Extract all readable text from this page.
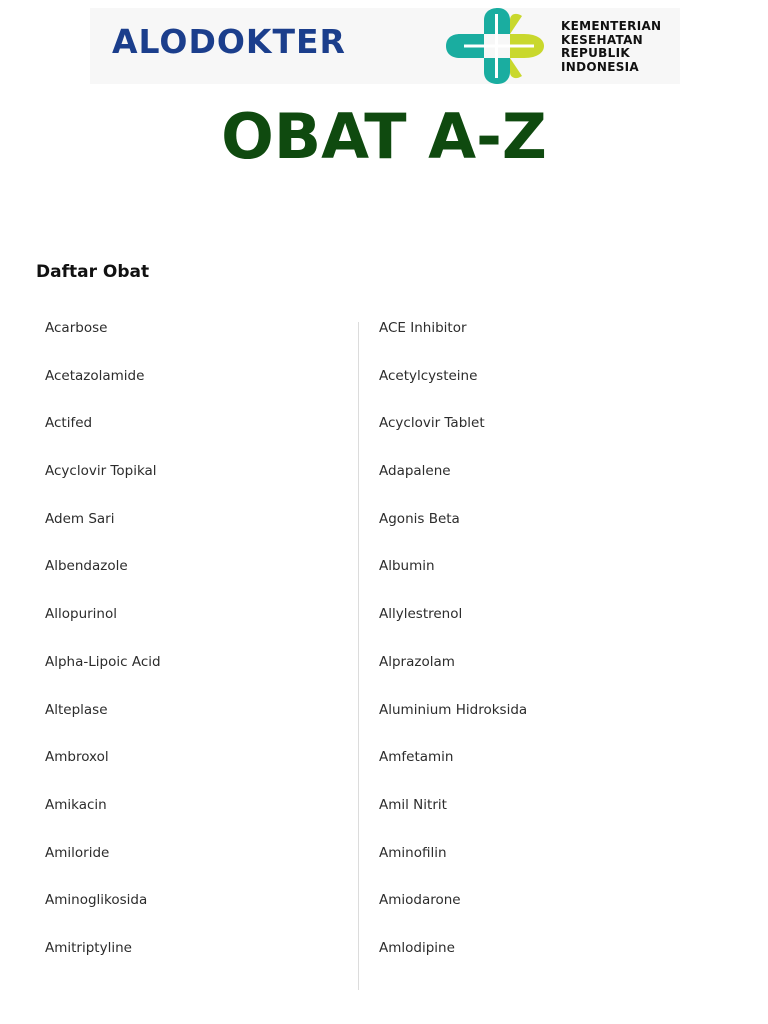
ALODOKTER	KEMENTERIAN
KESEHATAN
REPUBLIK
INDONESIA
OBAT A-Z
Daftar Obat
Acarbose
Acetazolamide
Actifed
Acyclovir Topikal
Adem Sari
Albendazole
Allopurinol
Alpha-Lipoic Acid
Alteplase
Ambroxol
Amikacin
Amiloride
Aminoglikosida
Amitriptyline
ACE Inhibitor
Acetylcysteine
Acyclovir Tablet
Adapalene
Agonis Beta
Albumin
Allylestrenol
Alprazolam
Aluminium Hidroksida
Amfetamin
Amil Nitrit
Aminofilin
Amiodarone
Amlodipine
